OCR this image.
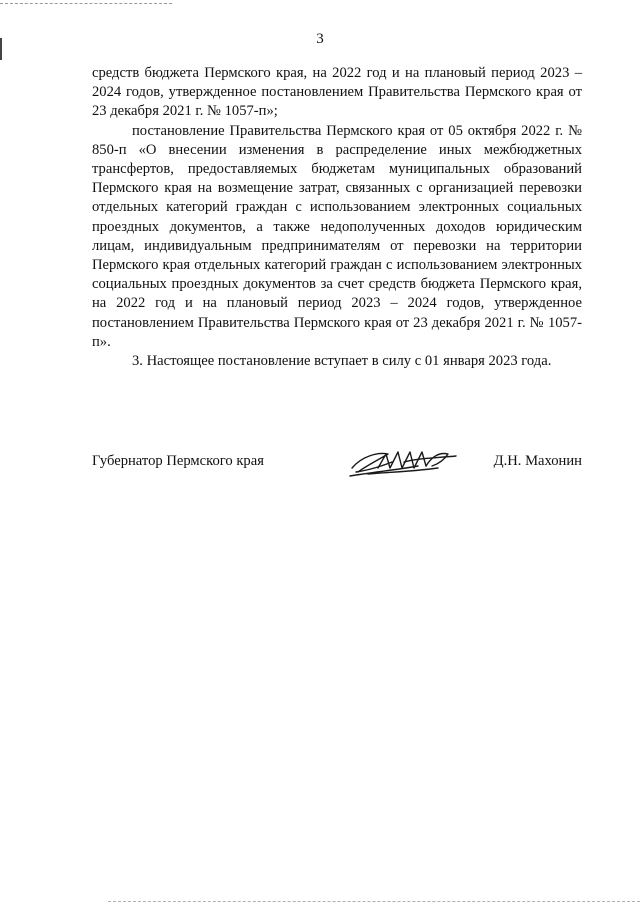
3

средств бюджета Пермского края, на 2022 год и на плановый период 2023 – 2024 годов, утвержденное постановлением Правительства Пермского края от 23 декабря 2021 г. № 1057-п»;

постановление Правительства Пермского края от 05 октября 2022 г. № 850-п «О внесении изменения в распределение иных межбюджетных трансфертов, предоставляемых бюджетам муниципальных образований Пермского края на возмещение затрат, связанных с организацией перевозки отдельных категорий граждан с использованием электронных социальных проездных документов, а также недополученных доходов юридическим лицам, индивидуальным предпринимателям от перевозки на территории Пермского края отдельных категорий граждан с использованием электронных социальных проездных документов за счет средств бюджета Пермского края, на 2022 год и на плановый период 2023 – 2024 годов, утвержденное постановлением Правительства Пермского края от 23 декабря 2021 г. № 1057-п».

3. Настоящее постановление вступает в силу с 01 января 2023 года.

Губернатор Пермского края	Д.Н. Махонин
